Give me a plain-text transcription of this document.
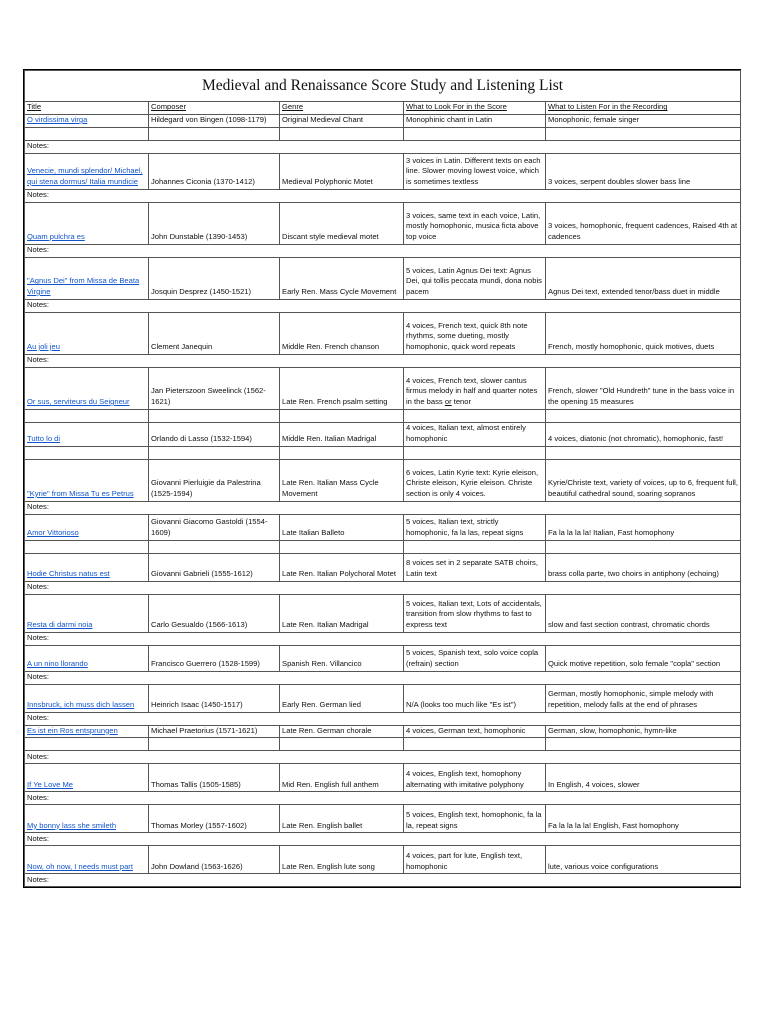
Medieval and Renaissance Score Study and Listening List				
Title	Composer	Genre	What to Look For in the Score	What to Listen For in the Recording
O virdissima virga	Hildegard von Bingen (1098-1179)	Original Medieval Chant	Monophinic chant in Latin	Monophonic, female singer

Notes:				
Venecie, mundi splendor/ Michael, qui stena dormus/ Italia mundicie	Johannes Ciconia (1370-1412)	Medieval Polyphonic Motet	3 voices in Latin. Different texts on each line. Slower moving lowest voice, which is sometimes textless	3 voices, serpent doubles slower bass line
Notes:				
Quam pulchra es	John Dunstable (1390-1453)	Discant style medieval motet	3 voices, same text in each voice, Latin, mostly homophonic, musica ficta above top voice	3 voices, homophonic, frequent cadences, Raised 4th at cadences
Notes:				
"Agnus Dei" from Missa de Beata Virgine	Josquin Desprez (1450-1521)	Early Ren. Mass Cycle Movement	5 voices, Latin Agnus Dei text: Agnus Dei, qui tollis peccata mundi, dona nobis pacem	Agnus Dei text, extended tenor/bass duet in middle
Notes:				
Au joli jeu	Clement Janequin	Middle Ren. French chanson	4 voices, French text, quick 8th note rhythms, some dueting, mostly homophonic, quick word repeats	French, mostly homophonic, quick motives, duets
Notes:				
Or sus, serviteurs du Seigneur	Jan Pieterszoon Sweelinck (1562-1621)	Late Ren. French psalm setting	4 voices, French text, slower cantus firmus melody in half and quarter notes in the bass or tenor	French, slower "Old Hundreth" tune in the bass voice in the opening 15 measures

Tutto lo di	Orlando di Lasso (1532-1594)	Middle Ren. Italian Madrigal	4 voices, Italian text, almost entirely homophonic	4 voices, diatonic (not chromatic), homophonic, fast!

"Kyrie" from Missa Tu es Petrus	Giovanni Pierluigie da Palestrina (1525-1594)	Late Ren. Italian Mass Cycle Movement	6 voices, Latin Kyrie text: Kyrie eleison, Christe eleison, Kyrie eleison. Christe section is only 4 voices.	Kyrie/Christe text, variety of voices, up to 6, frequent full, beautiful cathedral sound, soaring sopranos
Notes:				
Amor Vittorioso	Giovanni Giacomo Gastoldi (1554-1609)	Late Italian Balleto	5 voices, Italian text, strictly homophonic, fa la las, repeat signs	Fa la la la la! Italian, Fast homophony

Hodie Christus natus est	Giovanni Gabrieli (1555-1612)	Late Ren. Italian Polychoral Motet	8 voices set in 2 separate SATB choirs, Latin text	brass colla parte, two choirs in antiphony (echoing)
Notes:				
Resta di darmi noia	Carlo Gesualdo (1566-1613)	Late Ren. Italian Madrigal	5 voices, Italian text, Lots of accidentals, transition from slow rhythms to fast to express text	slow and fast section contrast, chromatic chords
Notes:				
A un nino llorando	Francisco Guerrero (1528-1599)	Spanish Ren. Villancico	5 voices, Spanish text, solo voice copla (refrain) section	Quick motive repetition, solo female "copla" section
Notes:				
Innsbruck, ich muss dich lassen	Heinrich Isaac (1450-1517)	Early Ren. German lied	N/A (looks too much like "Es ist")	German, mostly homophonic, simple melody with repetition, melody falls at the end of phrases
Notes:				
Es ist ein Ros entsprungen	Michael Praetorius (1571-1621)	Late Ren. German chorale	4 voices, German text, homophonic	German, slow, homophonic, hymn-like

Notes:				
If Ye Love Me	Thomas Tallis (1505-1585)	Mid Ren. English full anthem	4 voices, English text, homophony alternating with imitative polyphony	In English, 4 voices, slower
Notes:				
My bonny lass she smileth	Thomas Morley (1557-1602)	Late Ren. English ballet	5 voices, English text, homophonic, fa la la, repeat signs	Fa la la la la! English, Fast homophony
Notes:				
Now, oh now, I needs must part	John Dowland (1563-1626)	Late Ren. English lute song	4 voices, part for lute, English text, homophonic	lute, various voice configurations
Notes:				
